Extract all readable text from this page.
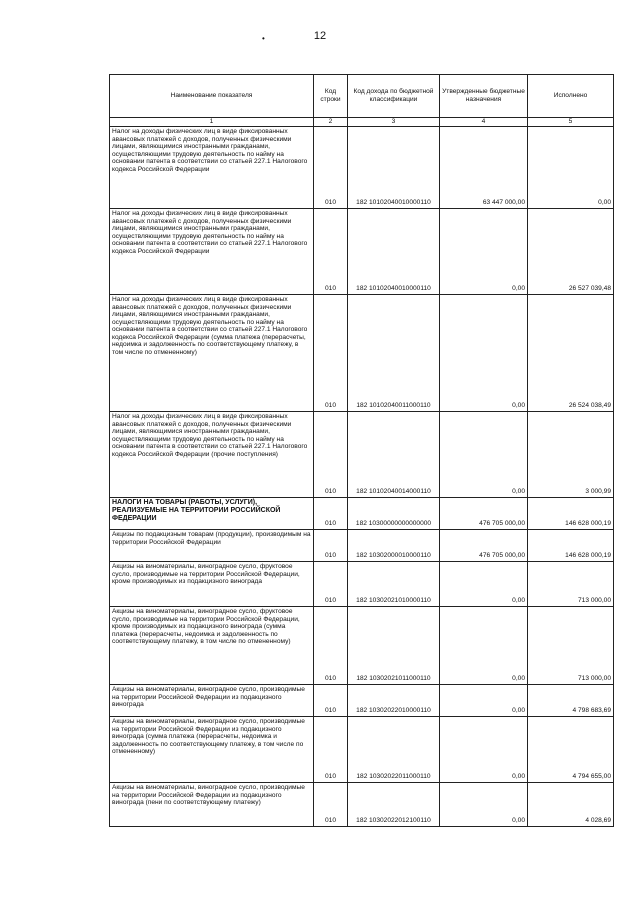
•	12
Наименование показателя	Код строки	Код дохода по бюджетной классификации	Утвержденные бюджетные назначения	Исполнено
1	2	3	4	5
Налог на доходы физических лиц в виде фиксированных авансовых платежей с доходов, полученных физическими лицами, являющимися иностранными гражданами, осуществляющими трудовую деятельность по найму на основании патента в соответствии со статьей 227.1 Налогового кодекса Российской Федерации	010	182 10102040010000110	63 447 000,00	0,00
Налог на доходы физических лиц в виде фиксированных авансовых платежей с доходов, полученных физическими лицами, являющимися иностранными гражданами, осуществляющими трудовую деятельность по найму на основании патента в соответствии со статьей 227.1 Налогового кодекса Российской Федерации	010	182 10102040010000110	0,00	26 527 039,48
Налог на доходы физических лиц в виде фиксированных авансовых платежей с доходов, полученных физическими лицами, являющимися иностранными гражданами, осуществляющими трудовую деятельность по найму на основании патента в соответствии со статьей 227.1 Налогового кодекса Российской Федерации (сумма платежа (перерасчеты, недоимка и задолженность по соответствующему платежу, в том числе по отмененному)	010	182 10102040011000110	0,00	26 524 038,49
Налог на доходы физических лиц в виде фиксированных авансовых платежей с доходов, полученных физическими лицами, являющимися иностранными гражданами, осуществляющими трудовую деятельность по найму на основании патента в соответствии со статьей 227.1 Налогового кодекса Российской Федерации (прочие поступления)	010	182 10102040014000110	0,00	3 000,99
НАЛОГИ НА ТОВАРЫ (РАБОТЫ, УСЛУГИ), РЕАЛИЗУЕМЫЕ НА ТЕРРИТОРИИ РОССИЙСКОЙ ФЕДЕРАЦИИ	010	182 10300000000000000	476 705 000,00	146 628 000,19
Акцизы по подакцизным товарам (продукции), производимым на территории Российской Федерации	010	182 10302000010000110	476 705 000,00	146 628 000,19
Акцизы на виноматериалы, виноградное сусло, фруктовое сусло, производимые на территории Российской Федерации, кроме производимых из подакцизного винограда	010	182 10302021010000110	0,00	713 000,00
Акцизы на виноматериалы, виноградное сусло, фруктовое сусло, производимые на территории Российской Федерации, кроме производимых из подакцизного винограда (сумма платежа (перерасчеты, недоимка и задолженность по соответствующему платежу, в том числе по отмененному)	010	182 10302021011000110	0,00	713 000,00
Акцизы на виноматериалы, виноградное сусло, производимые на территории Российской Федерации из подакцизного винограда	010	182 10302022010000110	0,00	4 798 683,69
Акцизы на виноматериалы, виноградное сусло, производимые на территории Российской Федерации из подакцизного винограда (сумма платежа (перерасчеты, недоимка и задолженность по соответствующему платежу, в том числе по отмененному)	010	182 10302022011000110	0,00	4 794 655,00
Акцизы на виноматериалы, виноградное сусло, производимые на территории Российской Федерации из подакцизного винограда (пени по соответствующему платежу)	010	182 10302022012100110	0,00	4 028,69
